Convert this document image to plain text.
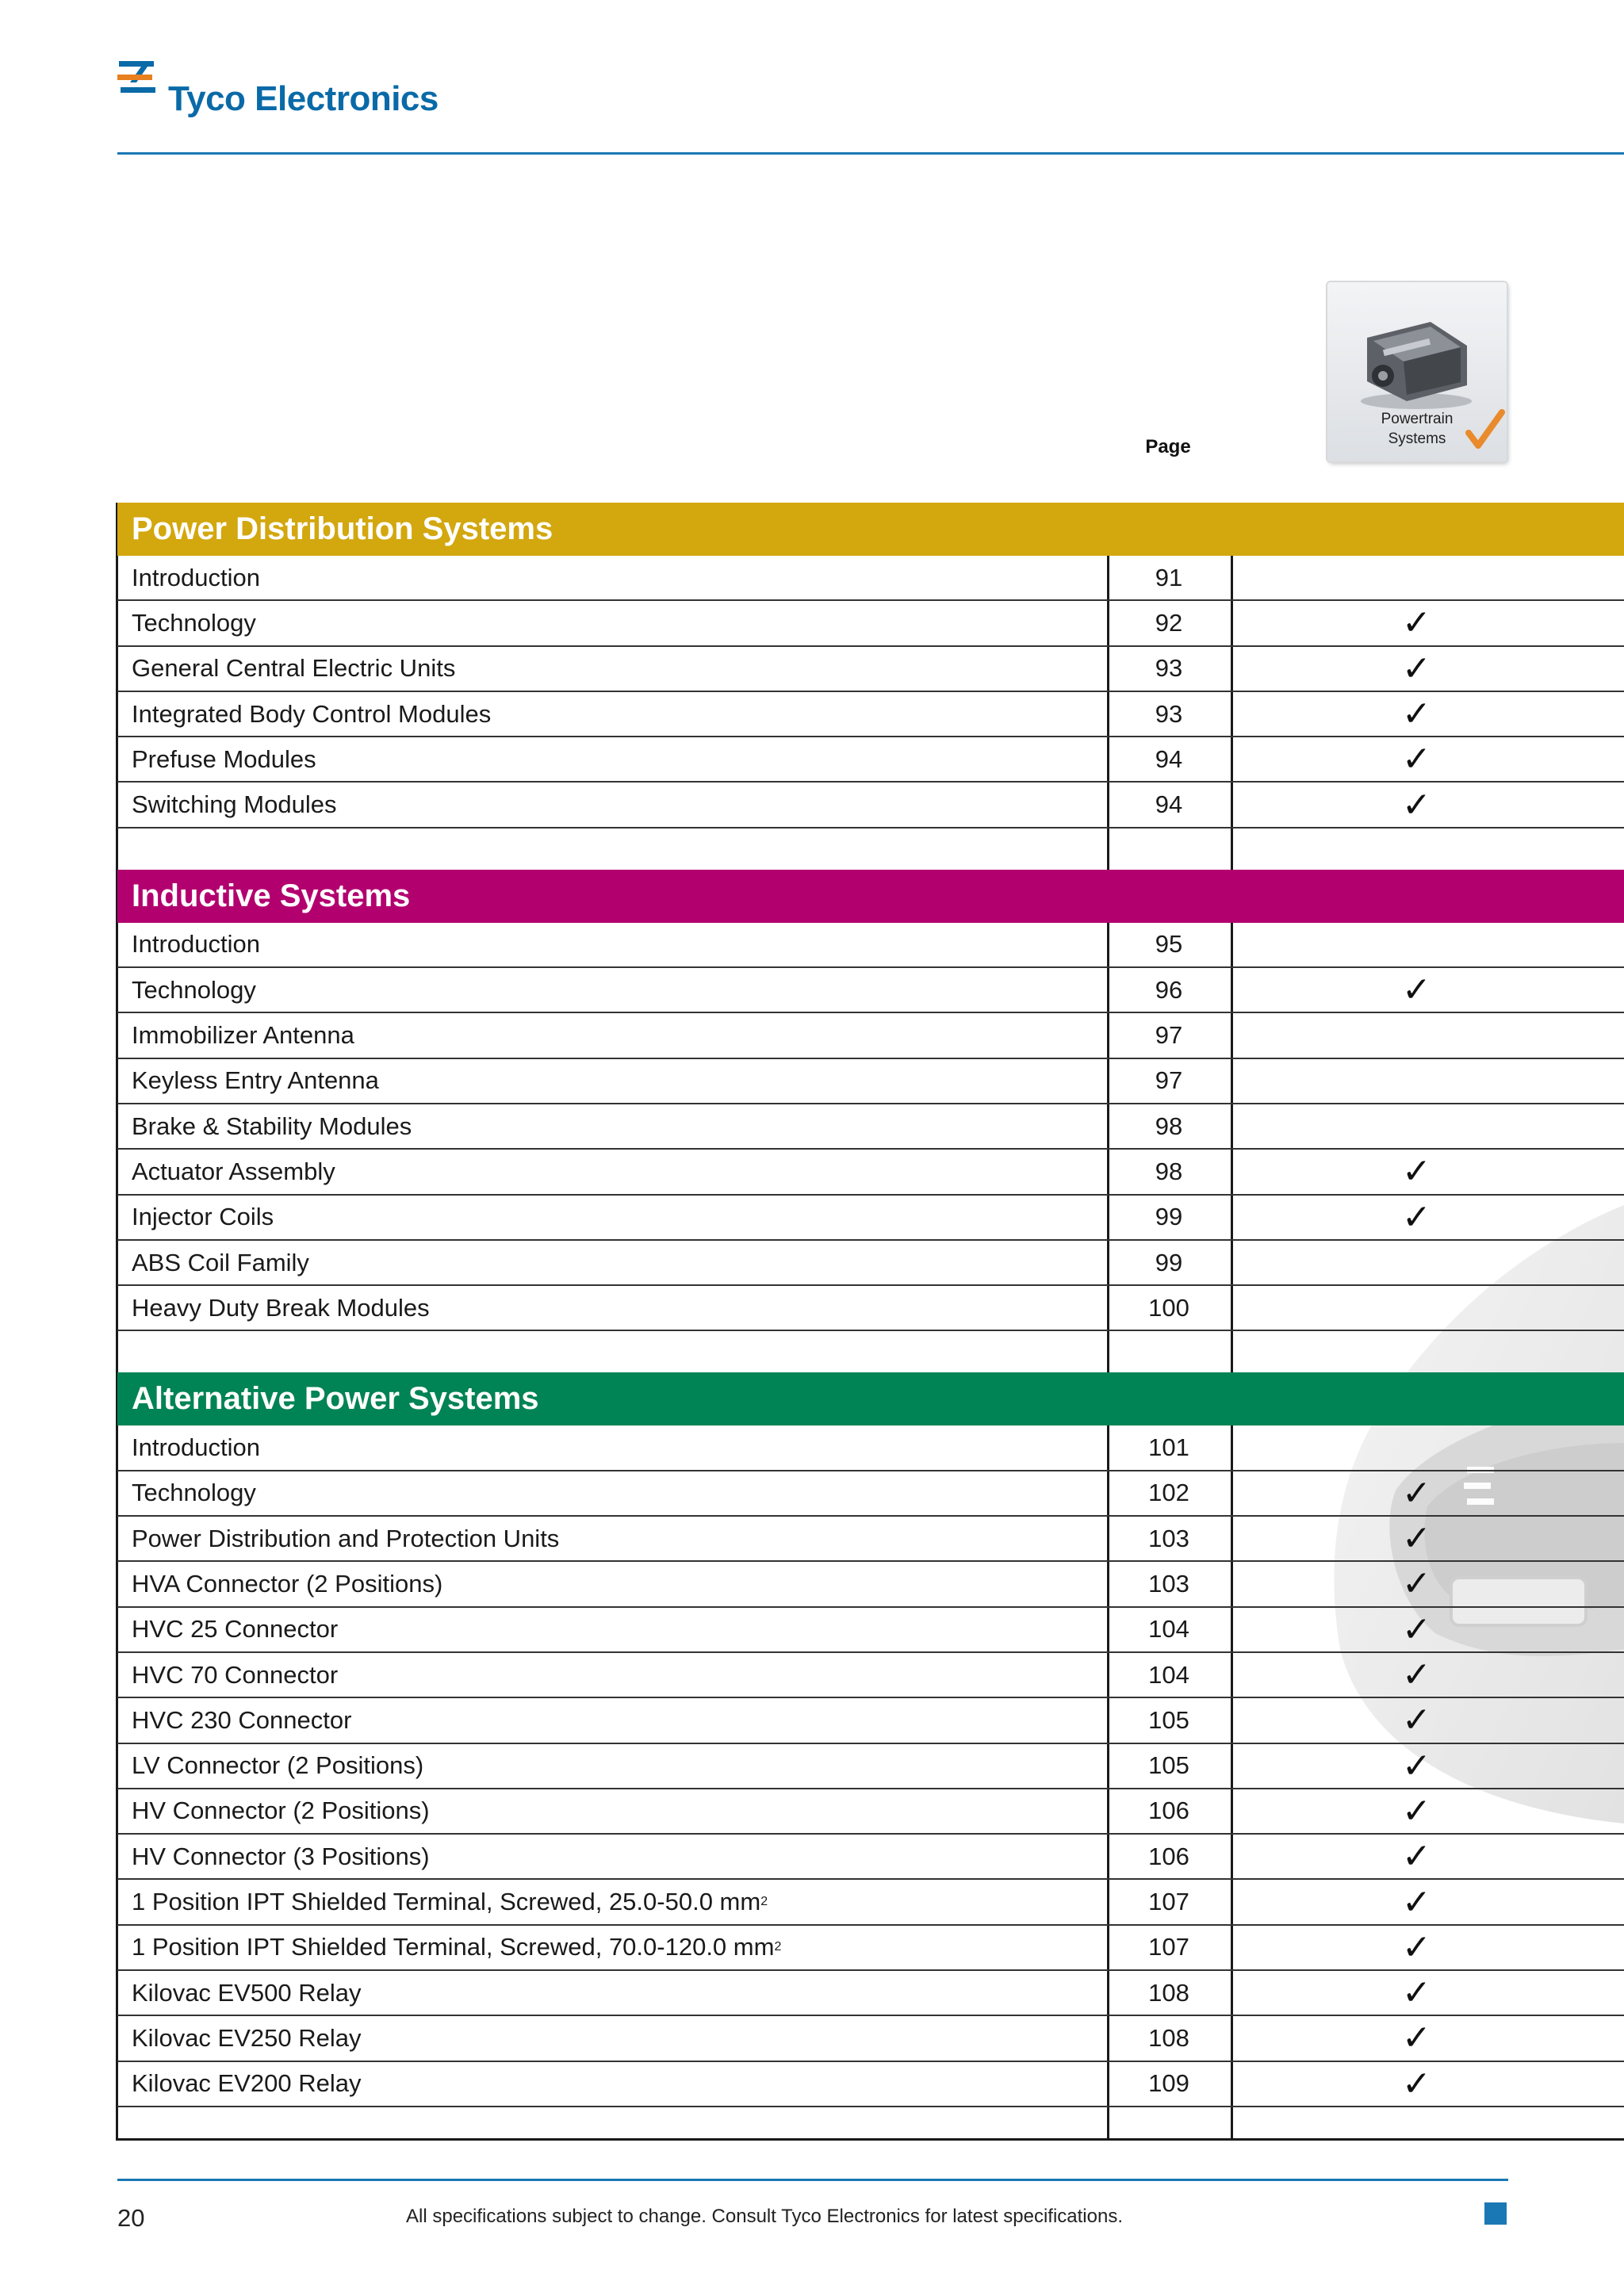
Tyco Electronics
Powertrain
Systems
Page
Power Distribution Systems
Introduction	91
Technology	92	✓
General Central Electric Units	93	✓
Integrated Body Control Modules	93	✓
Prefuse Modules	94	✓
Switching Modules	94	✓
Inductive Systems
Introduction	95
Technology	96	✓
Immobilizer Antenna	97
Keyless Entry Antenna	97
Brake & Stability Modules	98
Actuator Assembly	98	✓
Injector Coils	99	✓
ABS Coil Family	99
Heavy Duty Break Modules	100
Alternative Power Systems
Introduction	101
Technology	102	✓
Power Distribution and Protection Units	103	✓
HVA Connector (2 Positions)	103	✓
HVC 25 Connector	104	✓
HVC 70 Connector	104	✓
HVC 230 Connector	105	✓
LV Connector (2 Positions)	105	✓
HV Connector (2 Positions)	106	✓
HV Connector (3 Positions)	106	✓
1 Position IPT Shielded Terminal, Screwed, 25.0-50.0 mm 2	107	✓
1 Position IPT Shielded Terminal, Screwed, 70.0-120.0 mm 2	107	✓
Kilovac EV500 Relay	108	✓
Kilovac EV250 Relay	108	✓
Kilovac EV200 Relay	109	✓
20	All specifications subject to change. Consult Tyco Electronics for latest specifications.
